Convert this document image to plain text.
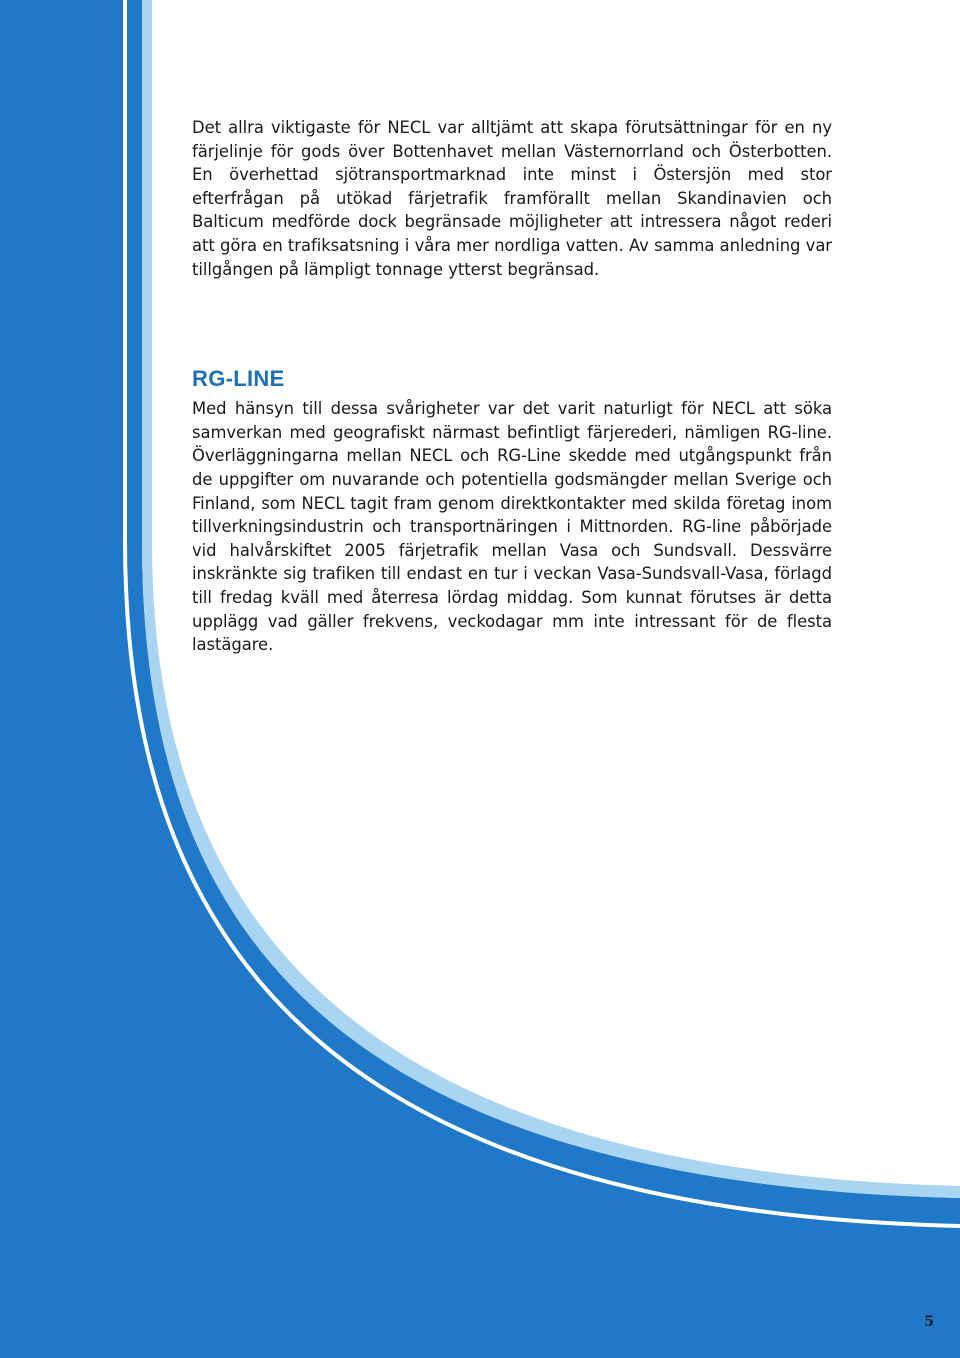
Det allra viktigaste för NECL var alltjämt att skapa förutsättningar för en ny färjelinje för gods över Bottenhavet mellan Västernorrland och Österbotten. En överhettad sjötransportmarknad inte minst i Östersjön med stor efterfrågan på utökad färjetrafik framförallt mellan Skandinavien och Balticum medförde dock begränsade möjligheter att intressera något rederi att göra en trafiksatsning i våra mer nordliga vatten. Av samma anledning var tillgången på lämpligt tonnage ytterst begränsad.

RG-LINE

Med hänsyn till dessa svårigheter var det varit naturligt för NECL att söka samverkan med geografiskt närmast befintligt färjerederi, nämligen RG-line. Överläggningarna mellan NECL och RG-Line skedde med utgångspunkt från de uppgifter om nuvarande och potentiella godsmängder mellan Sverige och Finland, som NECL tagit fram genom direktkontakter med skilda företag inom tillverkningsindustrin och transportnäringen i Mittnorden. RG-line påbörjade vid halvårskiftet 2005 färjetrafik mellan Vasa och Sundsvall. Dessvärre inskränkte sig trafiken till endast en tur i veckan Vasa-Sundsvall-Vasa, förlagd till fredag kväll med återresa lördag middag. Som kunnat förutses är detta upplägg vad gäller frekvens, veckodagar mm inte intressant för de flesta lastägare.

5
